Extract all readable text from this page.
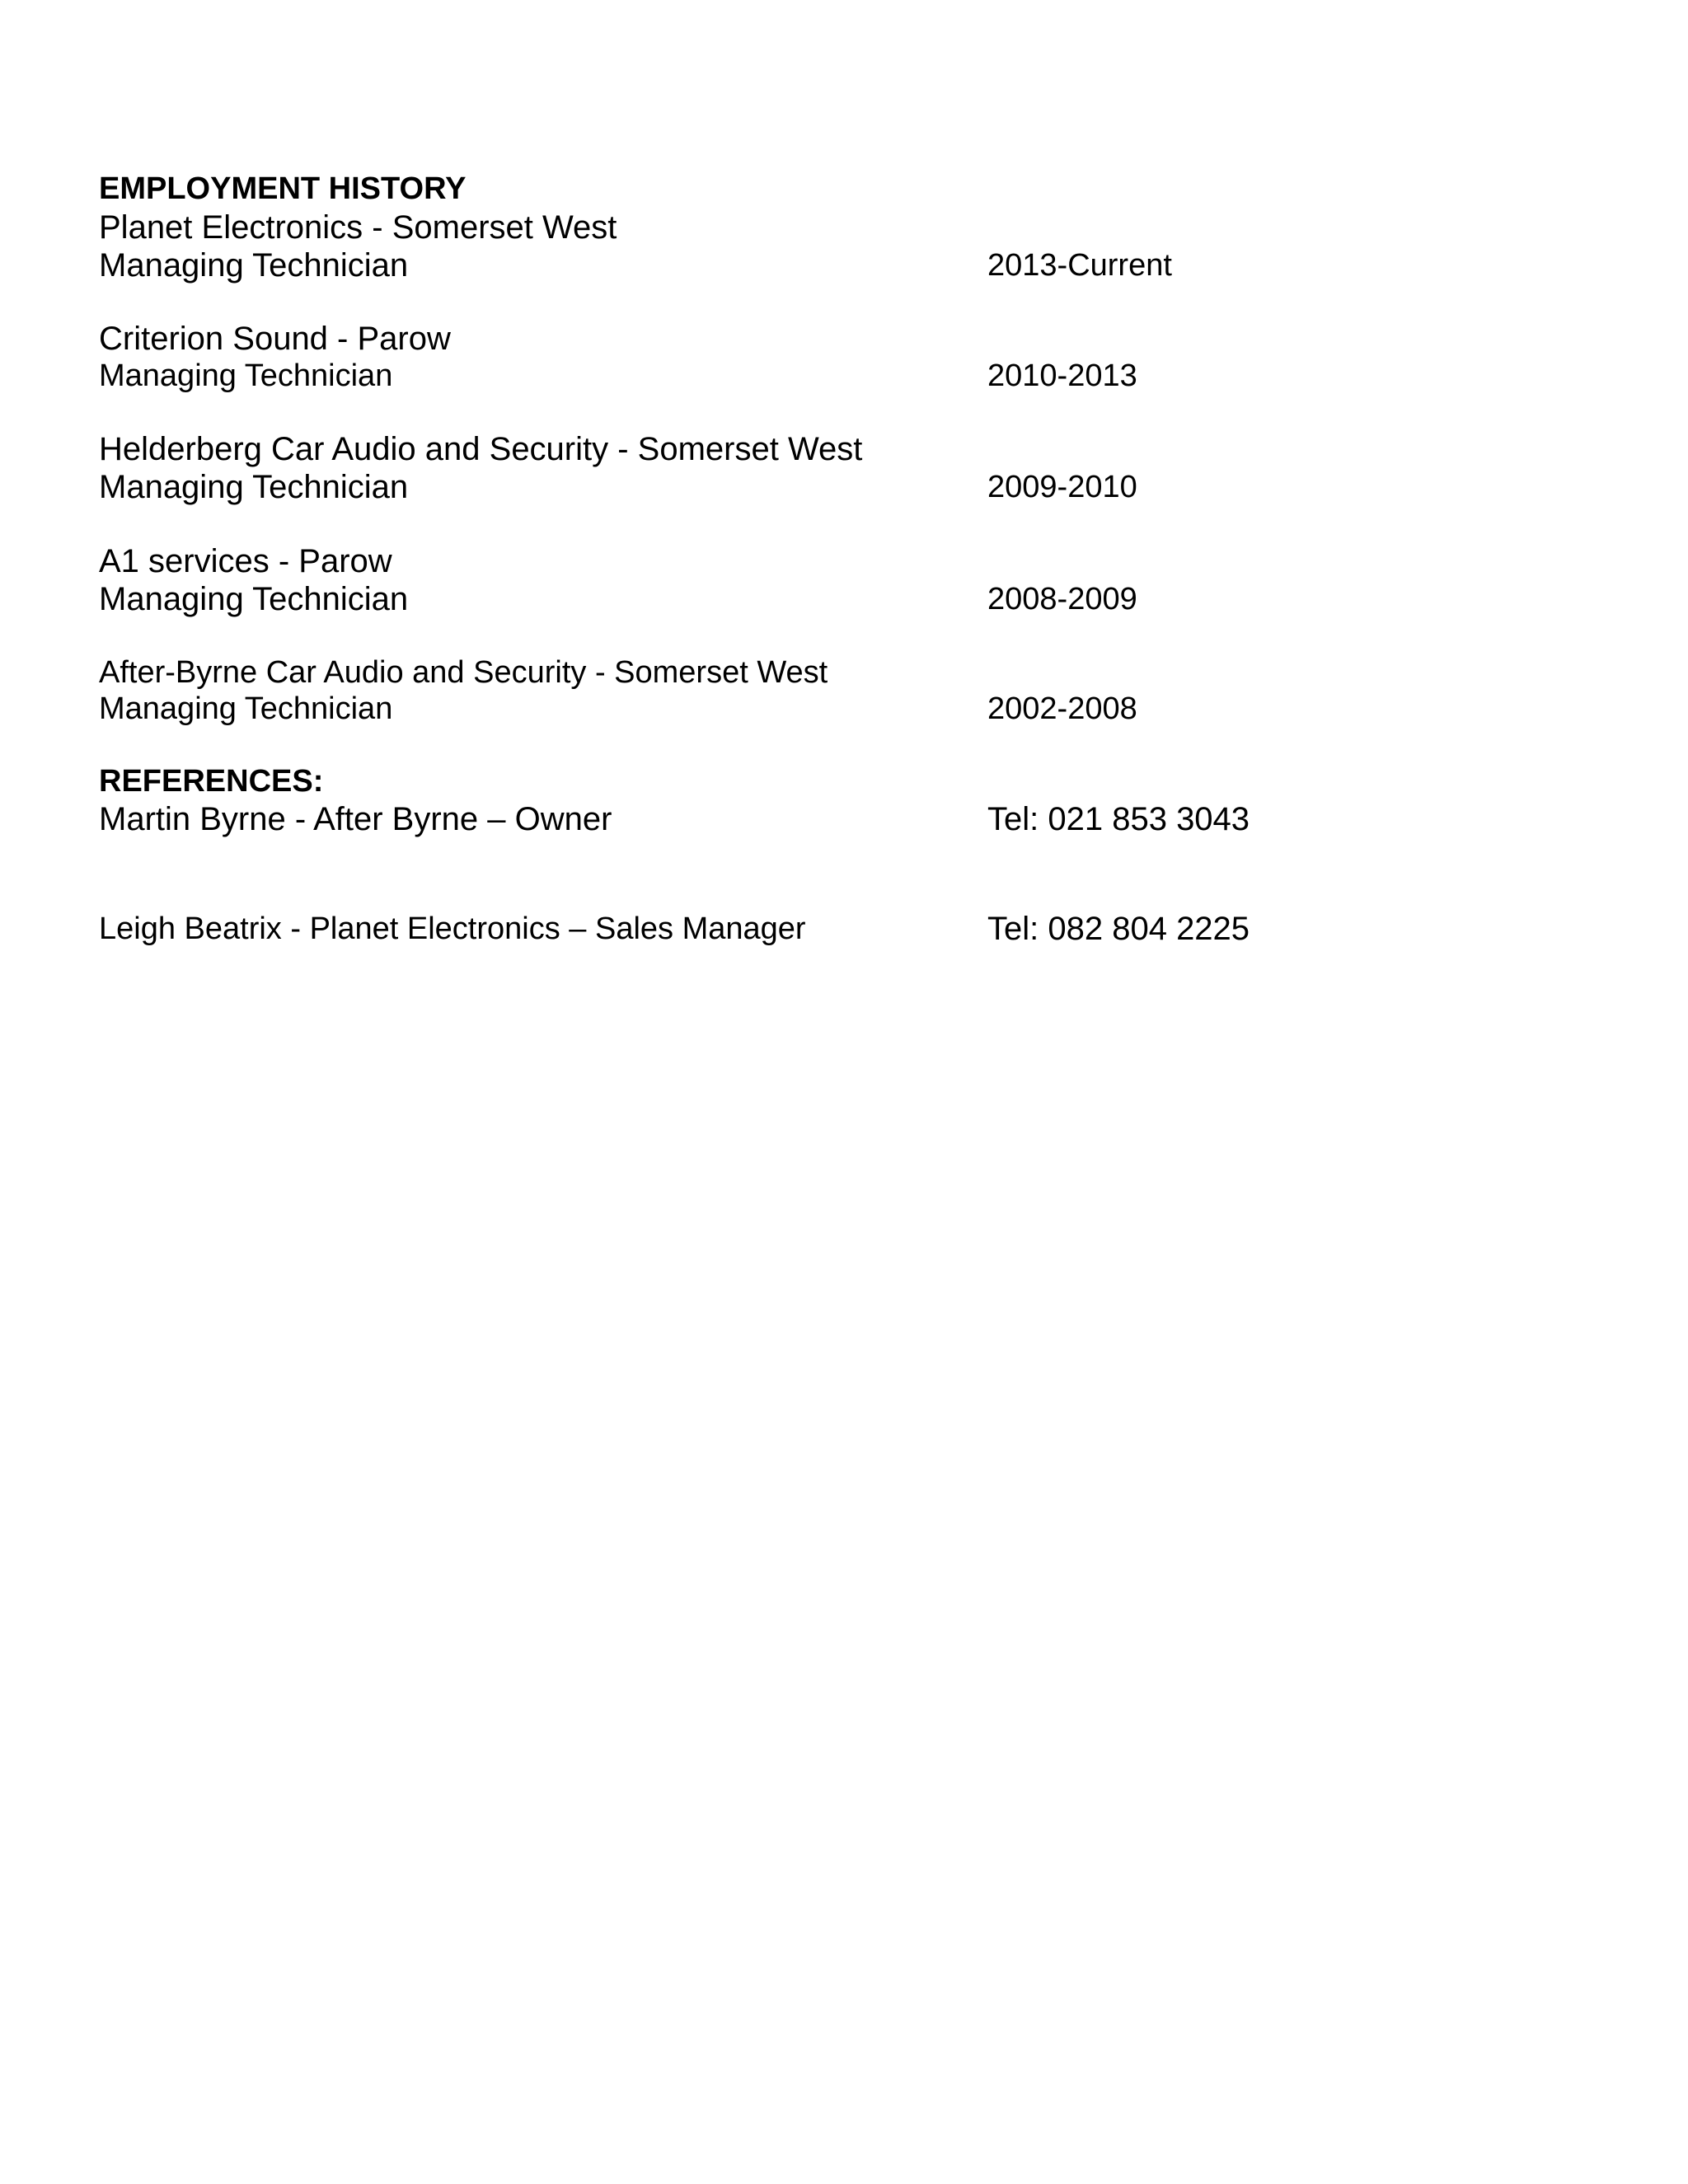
EMPLOYMENT HISTORY
Planet Electronics - Somerset West
Managing Technician	2013-Current
Criterion Sound - Parow
Managing Technician	2010-2013
Helderberg Car Audio and Security - Somerset West
Managing Technician	2009-2010
A1 services - Parow
Managing Technician	2008-2009
After-Byrne Car Audio and Security - Somerset West
Managing Technician	2002-2008
REFERENCES:
Martin Byrne - After Byrne – Owner	Tel: 021 853 3043
Leigh Beatrix - Planet Electronics – Sales Manager	Tel: 082 804 2225
